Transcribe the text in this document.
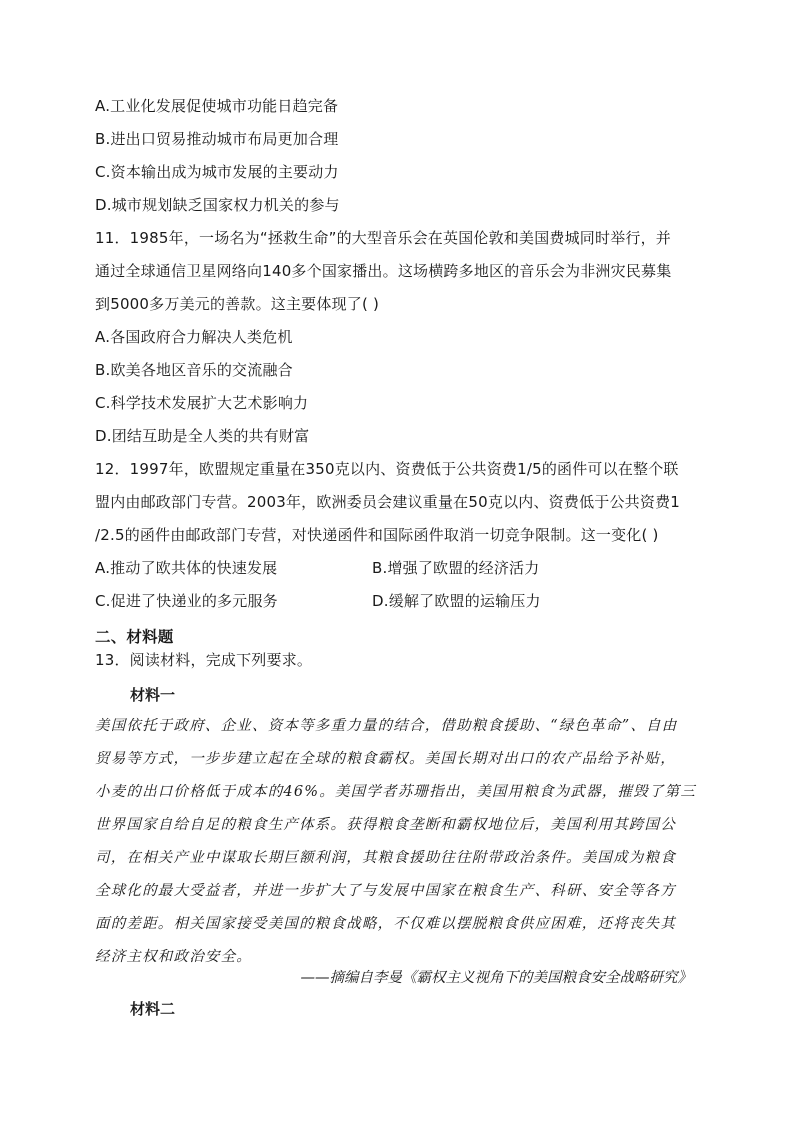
A.工业化发展促使城市功能日趋完备
B.进出口贸易推动城市布局更加合理
C.资本输出成为城市发展的主要动力
D.城市规划缺乏国家权力机关的参与
11．1985年，一场名为“拯救生命”的大型音乐会在英国伦敦和美国费城同时举行，并
通过全球通信卫星网络向140多个国家播出。这场横跨多地区的音乐会为非洲灾民募集
到5000多万美元的善款。这主要体现了( )
A.各国政府合力解决人类危机
B.欧美各地区音乐的交流融合
C.科学技术发展扩大艺术影响力
D.团结互助是全人类的共有财富
12．1997年，欧盟规定重量在350克以内、资费低于公共资费1/5的函件可以在整个联
盟内由邮政部门专营。2003年，欧洲委员会建议重量在50克以内、资费低于公共资费1
/2.5的函件由邮政部门专营，对快递函件和国际函件取消一切竞争限制。这一变化( )
A.推动了欧共体的快速发展	B.增强了欧盟的经济活力
C.促进了快递业的多元服务	D.缓解了欧盟的运输压力
二、材料题
13．阅读材料，完成下列要求。
材料一
美国依托于政府、企业、资本等多重力量的结合，借助粮食援助、“绿色革命”、自由
贸易等方式，一步步建立起在全球的粮食霸权。美国长期对出口的农产品给予补贴，
小麦的出口价格低于成本的46%。美国学者苏珊指出，美国用粮食为武器，摧毁了第三
世界国家自给自足的粮食生产体系。获得粮食垄断和霸权地位后，美国利用其跨国公
司，在相关产业中谋取长期巨额利润，其粮食援助往往附带政治条件。美国成为粮食
全球化的最大受益者，并进一步扩大了与发展中国家在粮食生产、科研、安全等各方
面的差距。相关国家接受美国的粮食战略，不仅难以摆脱粮食供应困难，还将丧失其
经济主权和政治安全。
——摘编自李曼《霸权主义视角下的美国粮食安全战略研究》
材料二
